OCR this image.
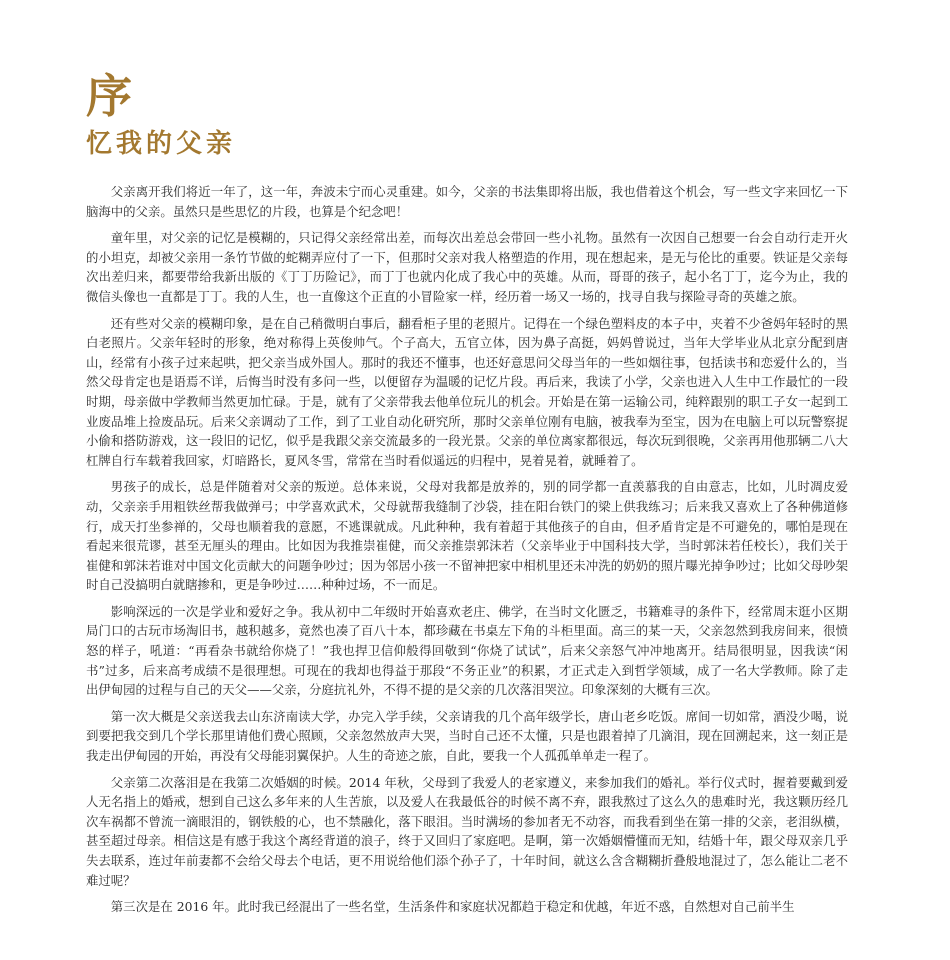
序
忆我的父亲

父亲离开我们将近一年了，这一年，奔波未宁而心灵重建。如今，父亲的书法集即将出版，我也借着这个机会，写一些文字来回忆一下脑海中的父亲。虽然只是些思忆的片段，也算是个纪念吧！

童年里，对父亲的记忆是模糊的，只记得父亲经常出差，而每次出差总会带回一些小礼物。虽然有一次因自己想要一台会自动行走开火的小坦克，却被父亲用一条竹节做的蛇糊弄应付了一下，但那时父亲对我人格塑造的作用，现在想起来，是无与伦比的重要。铁证是父亲每次出差归来，都要带给我新出版的《丁丁历险记》，而丁丁也就内化成了我心中的英雄。从而，哥哥的孩子，起小名丁丁，迄今为止，我的微信头像也一直都是丁丁。我的人生，也一直像这个正直的小冒险家一样，经历着一场又一场的，找寻自我与探险寻奇的英雄之旅。

还有些对父亲的模糊印象，是在自己稍微明白事后，翻看柜子里的老照片。记得在一个绿色塑料皮的本子中，夹着不少爸妈年轻时的黑白老照片。父亲年轻时的形象，绝对称得上英俊帅气。个子高大，五官立体，因为鼻子高挺，妈妈曾说过，当年大学毕业从北京分配到唐山，经常有小孩子过来起哄，把父亲当成外国人。那时的我还不懂事，也还好意思问父母当年的一些如烟往事，包括读书和恋爱什么的，当然父母肯定也是语焉不详，后悔当时没有多问一些，以便留存为温暖的记忆片段。再后来，我读了小学，父亲也进入人生中工作最忙的一段时期，母亲做中学教师当然更加忙碌。于是，就有了父亲带我去他单位玩儿的机会。开始是在第一运输公司，纯粹跟别的职工子女一起到工业废品堆上捡废品玩。后来父亲调动了工作，到了工业自动化研究所，那时父亲单位刚有电脑，被我奉为至宝，因为在电脑上可以玩警察捉小偷和搭防游戏，这一段旧的记忆，似乎是我跟父亲交流最多的一段光景。父亲的单位离家都很远，每次玩到很晚，父亲再用他那辆二八大杠牌自行车载着我回家，灯暗路长，夏风冬雪，常常在当时看似遥远的归程中，晃着晃着，就睡着了。

男孩子的成长，总是伴随着对父亲的叛逆。总体来说，父母对我都是放养的，别的同学都一直羡慕我的自由意志，比如，儿时凋皮爱动，父亲亲手用粗铁丝帮我做弹弓；中学喜欢武术，父母就帮我缝制了沙袋，挂在阳台铁门的梁上供我练习；后来我又喜欢上了各种佛道修行，成天打坐参禅的，父母也顺着我的意愿，不逃课就成。凡此种种，我有着超于其他孩子的自由，但矛盾肯定是不可避免的，哪怕是现在看起来很荒谬，甚至无厘头的理由。比如因为我推崇崔健，而父亲推崇郭沫若（父亲毕业于中国科技大学，当时郭沫若任校长），我们关于崔健和郭沫若谁对中国文化贡献大的问题争吵过；因为邻居小孩一不留神把家中相机里还未冲洗的奶奶的照片曝光掉争吵过；比如父母吵架时自己没搞明白就瞎掺和，更是争吵过……种种过场，不一而足。

影响深远的一次是学业和爱好之争。我从初中二年级时开始喜欢老庄、佛学，在当时文化匮乏，书籍难寻的条件下，经常周末逛小区期局门口的古玩市场淘旧书，越积越多，竟然也凑了百八十本，都珍藏在书桌左下角的斗柜里面。高三的某一天，父亲忽然到我房间来，很愤怒的样子，吼道：“再看杂书就给你烧了！”我也捍卫信仰般得回敬到“你烧了试试”，后来父亲怒气冲冲地离开。结局很明显，因我读“闲书”过多，后来高考成绩不是很理想。可现在的我却也得益于那段“不务正业”的积累，才正式走入到哲学领域，成了一名大学教师。除了走出伊甸园的过程与自己的天父——父亲，分庭抗礼外，不得不提的是父亲的几次落泪哭泣。印象深刻的大概有三次。

第一次大概是父亲送我去山东济南读大学，办完入学手续，父亲请我的几个高年级学长，唐山老乡吃饭。席间一切如常，酒没少喝，说到要把我交到几个学长那里请他们费心照顾，父亲忽然放声大哭，当时自己还不太懂，只是也跟着掉了几滴泪，现在回溯起来，这一刻正是我走出伊甸园的开始，再没有父母能羽翼保护。人生的奇迹之旅，自此，要我一个人孤孤单单走一程了。

父亲第二次落泪是在我第二次婚姻的时候。2014 年秋，父母到了我爱人的老家遵义，来参加我们的婚礼。举行仪式时，握着要戴到爱人无名指上的婚戒，想到自己这么多年来的人生苦旅，以及爱人在我最低谷的时候不离不弃，跟我熬过了这么久的患难时光，我这颗历经几次车祸都不曾流一滴眼泪的，钢铁般的心，也不禁融化，落下眼泪。当时满场的参加者无不动容，而我看到坐在第一排的父亲，老泪纵横，甚至超过母亲。相信这是有感于我这个离经背道的浪子，终于又回归了家庭吧。是啊，第一次婚姻懵懂而无知，结婚十年，跟父母双亲几乎失去联系，连过年前妻都不会给父母去个电话，更不用说给他们添个孙子了，十年时间，就这么含含糊糊折叠般地混过了，怎么能让二老不难过呢？

第三次是在 2016 年。此时我已经混出了一些名堂，生活条件和家庭状况都趋于稳定和优越，年近不惑，自然想对自己前半生
